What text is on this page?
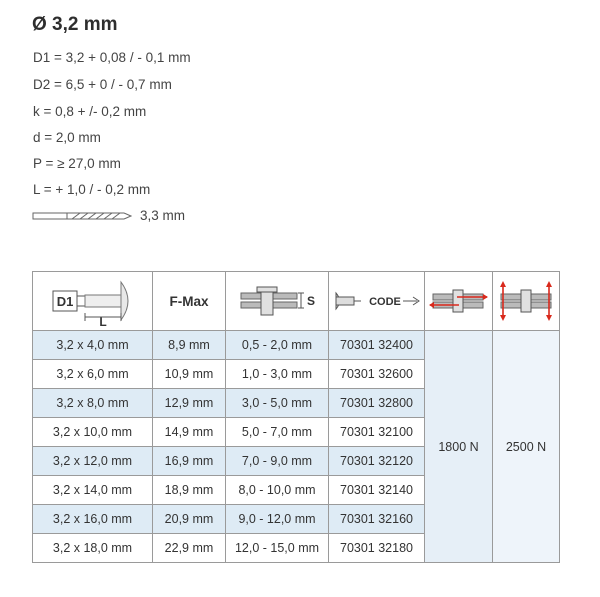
Ø 3,2 mm
D1 = 3,2 + 0,08 / - 0,1 mm
D2 = 6,5 + 0 / - 0,7 mm
k = 0,8 + /- 0,2 mm
d = 2,0 mm
P = ≥ 27,0 mm
L = + 1,0 / - 0,2 mm
3,3 mm
D1
L	F-Max	S	CODE

3,2 x 4,0 mm	8,9 mm	0,5 - 2,0 mm	70301 32400	1800 N	2500 N
3,2 x 6,0 mm	10,9 mm	1,0 - 3,0 mm	70301 32600		
3,2 x 8,0 mm	12,9 mm	3,0 - 5,0 mm	70301 32800		
3,2 x 10,0 mm	14,9 mm	5,0 - 7,0 mm	70301 32100		
3,2 x 12,0 mm	16,9 mm	7,0 - 9,0 mm	70301 32120		
3,2 x 14,0 mm	18,9 mm	8,0 - 10,0 mm	70301 32140		
3,2 x 16,0 mm	20,9 mm	9,0 - 12,0 mm	70301 32160		
3,2 x 18,0 mm	22,9 mm	12,0 - 15,0 mm	70301 32180		
